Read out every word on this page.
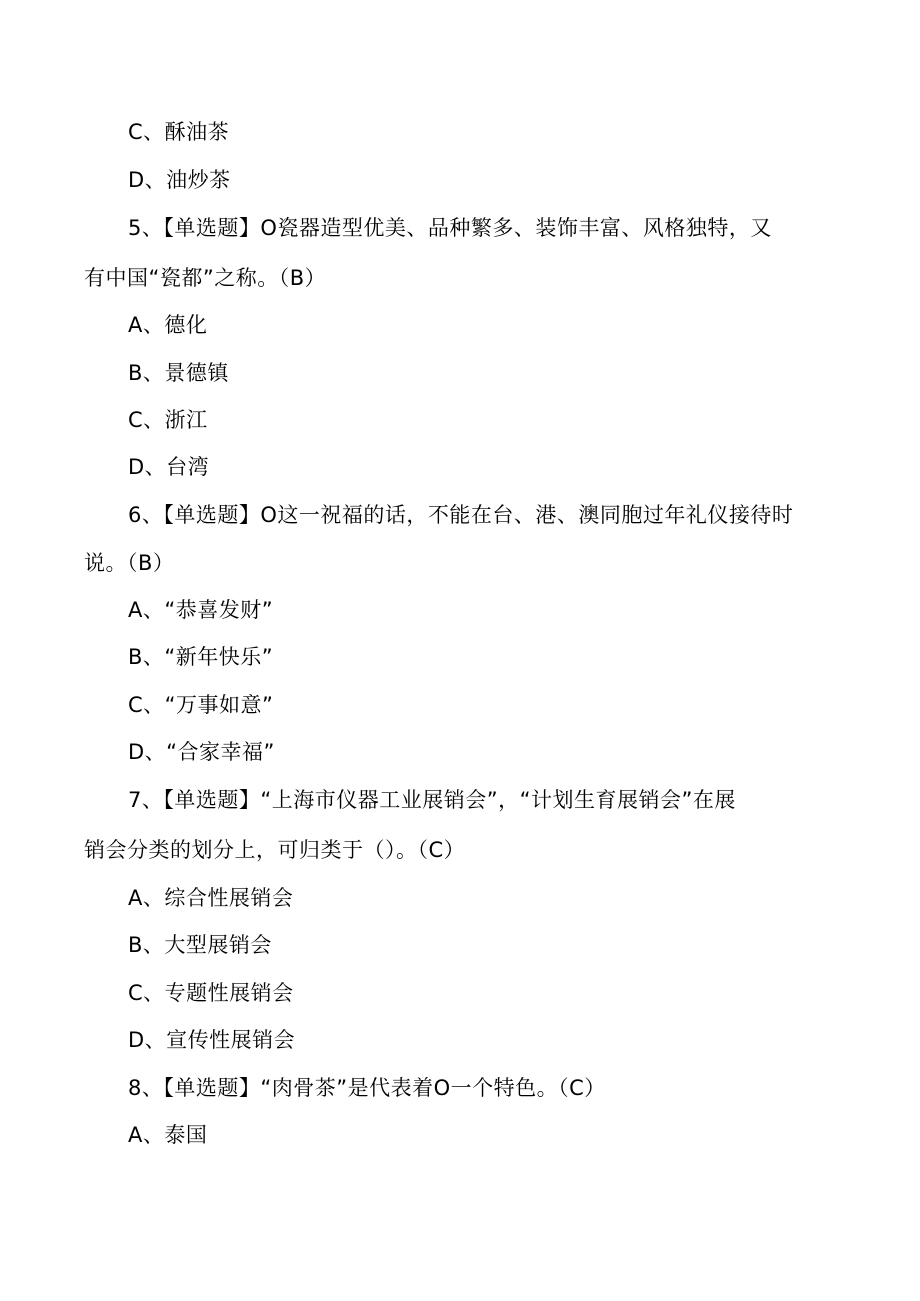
C、酥油茶
D、油炒茶
5、【单选题】O瓷器造型优美、品种繁多、装饰丰富、风格独特，又
有中国“瓷都”之称。（B）
A、德化
B、景德镇
C、浙江
D、台湾
6、【单选题】O这一祝福的话，不能在台、港、澳同胞过年礼仪接待时
说。（B）
A、“恭喜发财”
B、“新年快乐”
C、“万事如意”
D、“合家幸福”
7、【单选题】“上海市仪器工业展销会”，“计划生育展销会”在展
销会分类的划分上，可归类于（）。（C）
A、综合性展销会
B、大型展销会
C、专题性展销会
D、宣传性展销会
8、【单选题】“肉骨茶”是代表着O一个特色。（C）
A、泰国
